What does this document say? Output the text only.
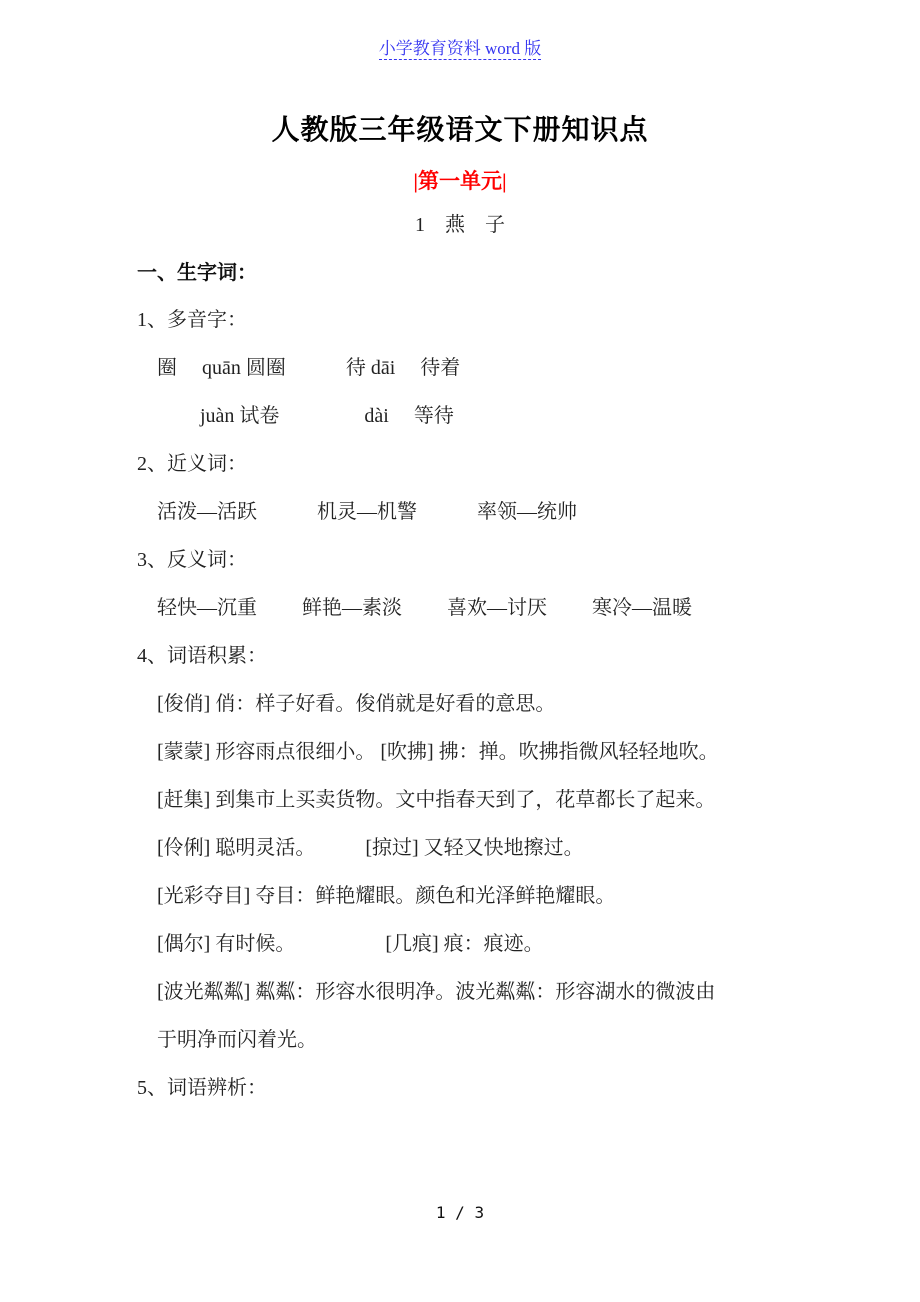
小学教育资料 word 版
人教版三年级语文下册知识点
|第一单元|
1　燕　子

一、生字词：

1、多音字：

圈　 quān 圆圈　　　待 dāi　 待着

juàn 试卷　　　　 dài　 等待

2、近义词：

活泼—活跃　　　机灵—机警　　　率领—统帅

3、反义词：

轻快—沉重　　 鲜艳—素淡　　 喜欢—讨厌　　 寒冷—温暖

4、词语积累：

[俊俏] 俏：样子好看。俊俏就是好看的意思。

[蒙蒙] 形容雨点很细小。 [吹拂] 拂：掸。吹拂指微风轻轻地吹。

[赶集] 到集市上买卖货物。文中指春天到了，花草都长了起来。

[伶俐] 聪明灵活。　　　[掠过] 又轻又快地擦过。

[光彩夺目] 夺目：鲜艳耀眼。颜色和光泽鲜艳耀眼。

[偶尔] 有时候。　　　　　[几痕] 痕：痕迹。

[波光粼粼] 粼粼：形容水很明净。波光粼粼：形容湖水的微波由

于明净而闪着光。

5、词语辨析：

1 / 3
